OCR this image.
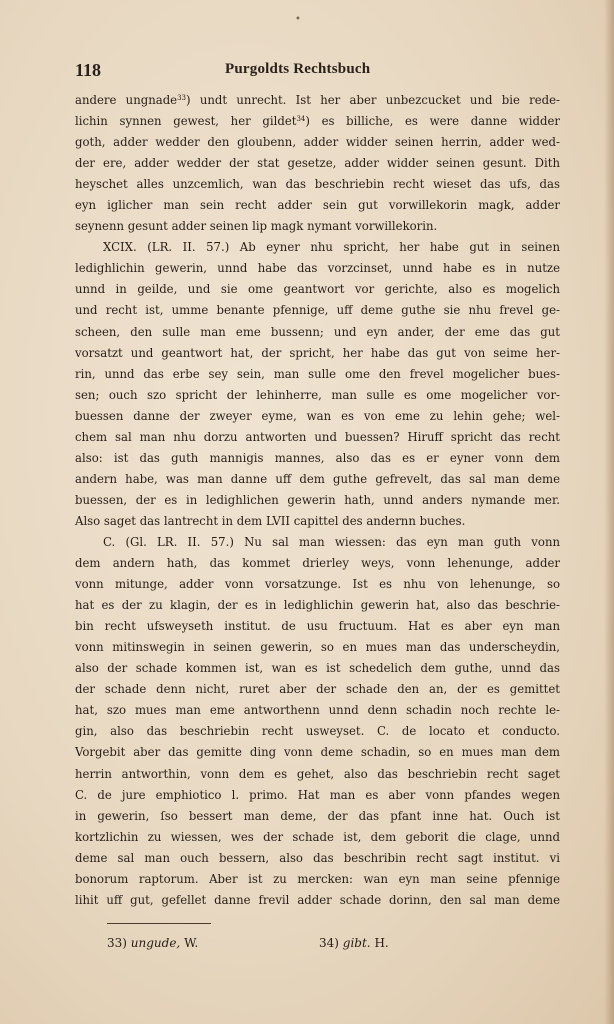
•
118	Purgoldts Rechtsbuch
andere ungnade$^{33}$) undt unrecht. Ist her aber unbezcucket und bie rede-
lichin synnen gewest, her gildet$^{34}$) es billiche, es were danne widder
goth, adder wedder den gloubenn, adder widder seinen herrin, adder wed-
der ere, adder wedder der stat gesetze, adder widder seinen gesunt. Dith
heyschet alles unzcemlich, wan das beschriebin recht wieset das ufs, das
eyn iglicher man sein recht adder sein gut vorwillekorin magk, adder
seynenn gesunt adder seinen lip magk nymant vorwillekorin.
XCIX. (LR. II. 57.) Ab eyner nhu spricht, her habe gut in seinen
ledighlichin gewerin, unnd habe das vorzcinset, unnd habe es in nutze
unnd in geilde, und sie ome geantwort vor gerichte, also es mogelich
und recht ist, umme benante pfennige, uff deme guthe sie nhu frevel ge-
scheen, den sulle man eme bussenn; und eyn ander, der eme das gut
vorsatzt und geantwort hat, der spricht, her habe das gut von seime her-
rin, unnd das erbe sey sein, man sulle ome den frevel mogelicher bues-
sen; ouch szo spricht der lehinherre, man sulle es ome mogelicher vor-
buessen danne der zweyer eyme, wan es von eme zu lehin gehe; wel-
chem sal man nhu dorzu antworten und buessen? Hiruff spricht das recht
also: ist das guth mannigis mannes, also das es er eyner vonn dem
andern habe, was man danne uff dem guthe gefrevelt, das sal man deme
buessen, der es in ledighlichen gewerin hath, unnd anders nymande mer.
Also saget das lantrecht in dem LVII capittel des andernn buches.
C. (Gl. LR. II. 57.) Nu sal man wiessen: das eyn man guth vonn
dem andern hath, das kommet drierley weys, vonn lehenunge, adder
vonn mitunge, adder vonn vorsatzunge. Ist es nhu von lehenunge, so
hat es der zu klagin, der es in ledighlichin gewerin hat, also das beschrie-
bin recht ufsweyseth institut. de usu fructuum. Hat es aber eyn man
vonn mitinswegin in seinen gewerin, so en mues man das underscheydin,
also der schade kommen ist, wan es ist schedelich dem guthe, unnd das
der schade denn nicht, ruret aber der schade den an, der es gemittet
hat, szo mues man eme antworthenn unnd denn schadin noch rechte le-
gin, also das beschriebin recht usweyset. C. de locato et conducto.
Vorgebit aber das gemitte ding vonn deme schadin, so en mues man dem
herrin antworthin, vonn dem es gehet, also das beschriebin recht saget
C. de jure emphiotico l. primo. Hat man es aber vonn pfandes wegen
in gewerin, ſso bessert man deme, der das pfant inne hat. Ouch ist
kortzlichin zu wiessen, wes der schade ist, dem geborit die clage, unnd
deme sal man ouch bessern, also das beschribin recht sagt institut. vi
bonorum raptorum. Aber ist zu mercken: wan eyn man seine pfennige
lihit uff gut, gefellet danne frevil adder schade dorinn, den sal man deme
33) ungude, W.	34) gibt. H.
